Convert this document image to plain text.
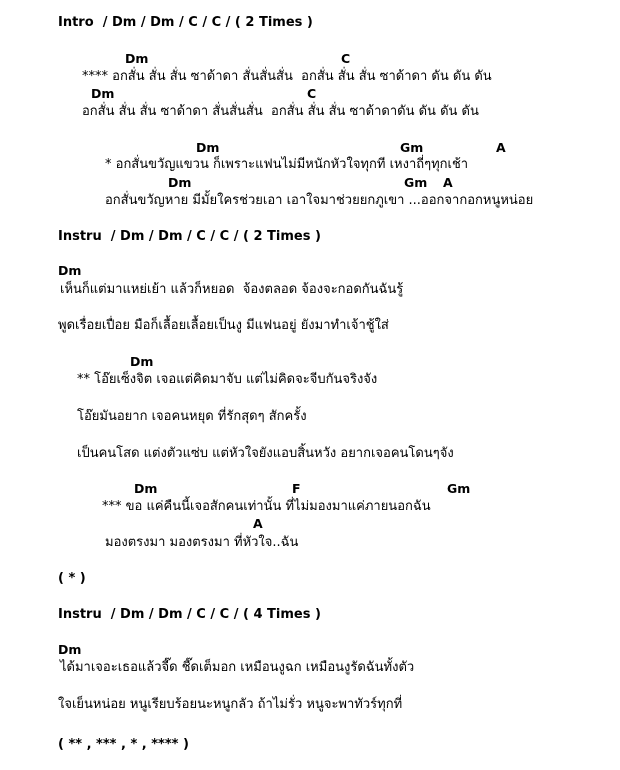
Intro  / Dm / Dm / C / C / ( 2 Times )
Dm	C
**** อกสั่น สั่น สั่น ซาด้าดา สั่นสั่นสั่น  อกสั่น สั่น สั่น ซาด้าดา ดัน ดัน ดัน
Dm	C
อกสั่น สั่น สั่น ซาด้าดา สั่นสั่นสั่น  อกสั่น สั่น สั่น ซาด้าดาดัน ดัน ดัน ดัน
Dm	Gm	A
* อกสั่นขวัญแขวน ก็เพราะแฟนไม่มีหนักหัวใจทุกที เหงาถี่ๆทุกเช้า
Dm	Gm A
อกสั่นขวัญหาย มีมั้ยใครช่วยเอา เอาใจมาช่วยยกภูเขา ...ออกจากอกหนูหน่อย
Instru  / Dm / Dm / C / C / ( 2 Times )
Dm
เห็นก็แต่มาแหย่เย้า แล้วก็หยอด  จ้องตลอด จ้องจะกอดกันฉันรู้
พูดเรื่อยเปื่อย มือก็เลื้อยเลื้อยเป็นงู มีแฟนอยู่ ยังมาทำเจ้าชู้ใส่
Dm
** โอ๊ยเซ็งจิต เจอแต่คิดมาจับ แต่ไม่คิดจะจีบกันจริงจัง
โอ๊ยมันอยาก เจอคนหยุด ที่รักสุดๆ สักครั้ง
เป็นคนโสด แต่งตัวแซ่บ แต่หัวใจยังแอบสิ้นหวัง อยากเจอคนโดนๆจัง
Dm	F	Gm
*** ขอ แค่คืนนี้เจอสักคนเท่านั้น ที่ไม่มองมาแค่ภายนอกฉัน
A
มองตรงมา มองตรงมา ที่หัวใจ..ฉัน
( * )
Instru  / Dm / Dm / C / C / ( 4 Times )
Dm
ได้มาเจอะเธอแล้วจี๊ด ชี๊ดเต็มอก เหมือนงูฉก เหมือนงูรัดฉันทั้งตัว
ใจเย็นหน่อย หนูเรียบร้อยนะหนูกลัว ถ้าไม่รั่ว หนูจะพาทัวร์ทุกที่
( ** , *** , * , **** )
